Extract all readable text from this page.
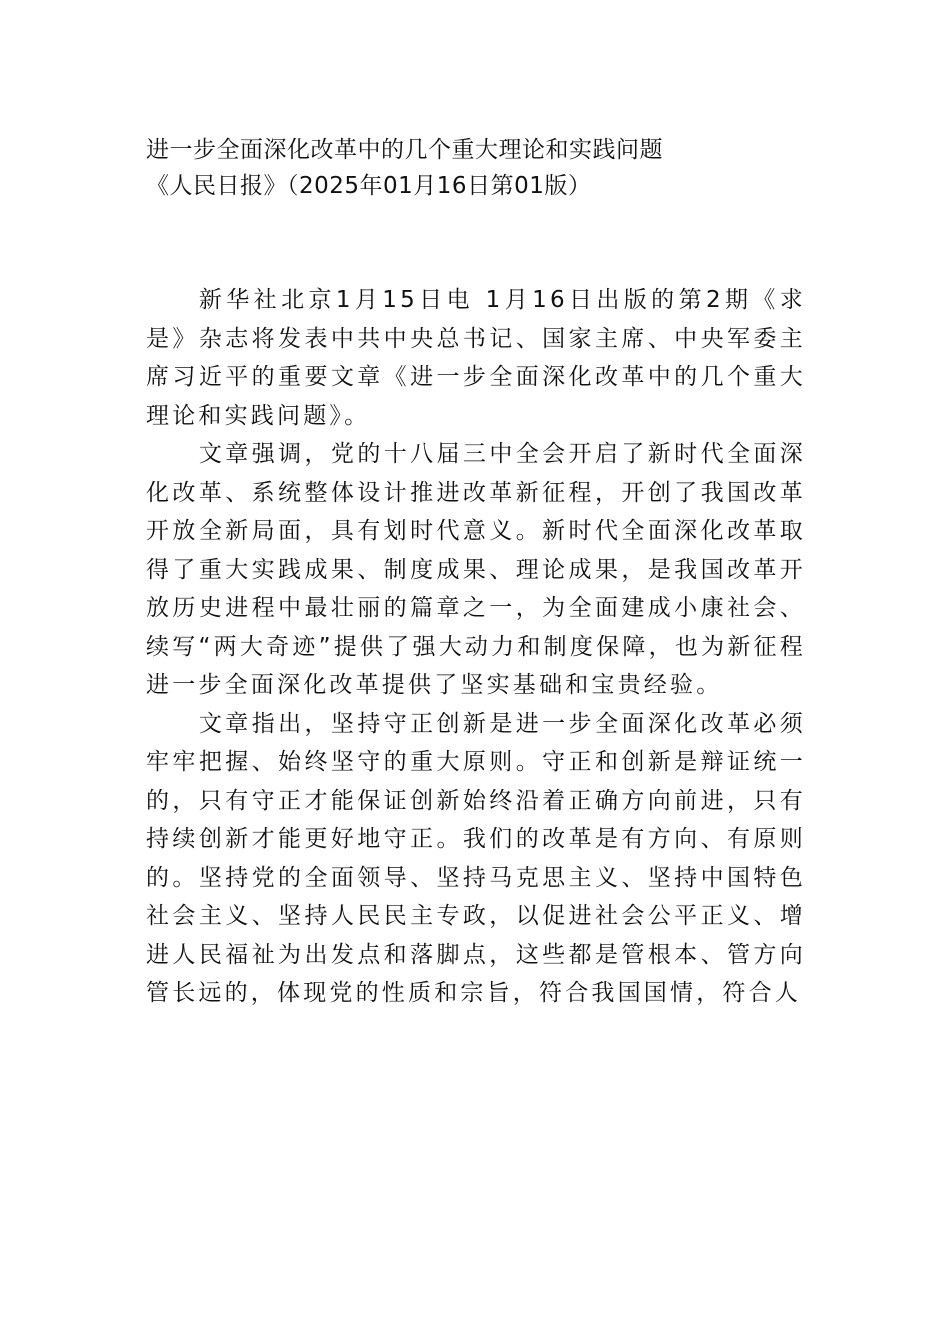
进一步全面深化改革中的几个重大理论和实践问题

《人民日报》（2025年01月16日第01版）

新华社北京1月15日电 1月16日出版的第2期《求是》杂志将发表中共中央总书记、国家主席、中央军委主席习近平的重要文章《进一步全面深化改革中的几个重大理论和实践问题》。

文章强调，党的十八届三中全会开启了新时代全面深化改革、系统整体设计推进改革新征程，开创了我国改革开放全新局面，具有划时代意义。新时代全面深化改革取得了重大实践成果、制度成果、理论成果，是我国改革开放历史进程中最壮丽的篇章之一，为全面建成小康社会、续写“两大奇迹”提供了强大动力和制度保障，也为新征程进一步全面深化改革提供了坚实基础和宝贵经验。

文章指出，坚持守正创新是进一步全面深化改革必须牢牢把握、始终坚守的重大原则。守正和创新是辩证统一的，只有守正才能保证创新始终沿着正确方向前进，只有持续创新才能更好地守正。我们的改革是有方向、有原则的。坚持党的全面领导、坚持马克思主义、坚持中国特色社会主义、坚持人民民主专政，以促进社会公平正义、增进人民福祉为出发点和落脚点，这些都是管根本、管方向管长远的，体现党的性质和宗旨，符合我国国情，符合人
